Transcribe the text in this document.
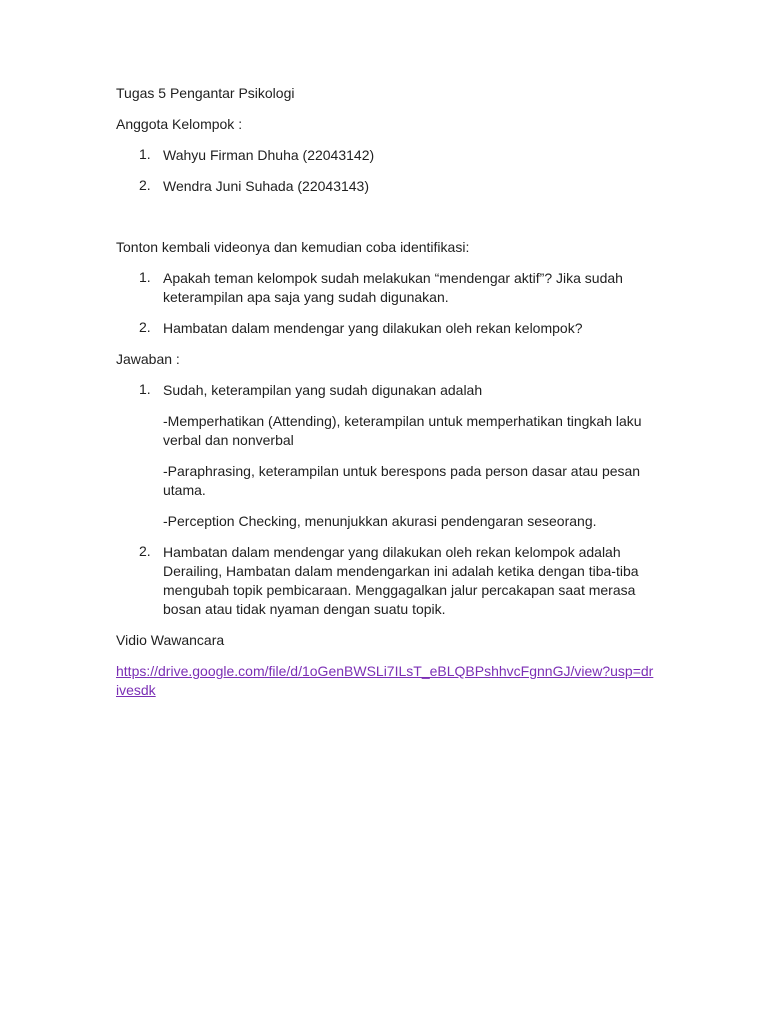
Tugas 5 Pengantar Psikologi

Anggota Kelompok :

1. Wahyu Firman Dhuha (22043142)

2. Wendra Juni Suhada (22043143)

Tonton kembali videonya dan kemudian coba identifikasi:

1. Apakah teman kelompok sudah melakukan “mendengar aktif”? Jika sudah keterampilan apa saja yang sudah digunakan.

2. Hambatan dalam mendengar yang dilakukan oleh rekan kelompok?

Jawaban :

1. Sudah, keterampilan yang sudah digunakan adalah

-Memperhatikan (Attending), keterampilan untuk memperhatikan tingkah laku verbal dan nonverbal

-Paraphrasing, keterampilan untuk berespons pada person dasar atau pesan utama.

-Perception Checking, menunjukkan akurasi pendengaran seseorang.

2. Hambatan dalam mendengar yang dilakukan oleh rekan kelompok adalah Derailing, Hambatan dalam mendengarkan ini adalah ketika dengan tiba-tiba mengubah topik pembicaraan. Menggagalkan jalur percakapan saat merasa bosan atau tidak nyaman dengan suatu topik.

Vidio Wawancara

https://drive.google.com/file/d/1oGenBWSLi7ILsT_eBLQBPshhvcFgnnGJ/view?usp=drivesdk
